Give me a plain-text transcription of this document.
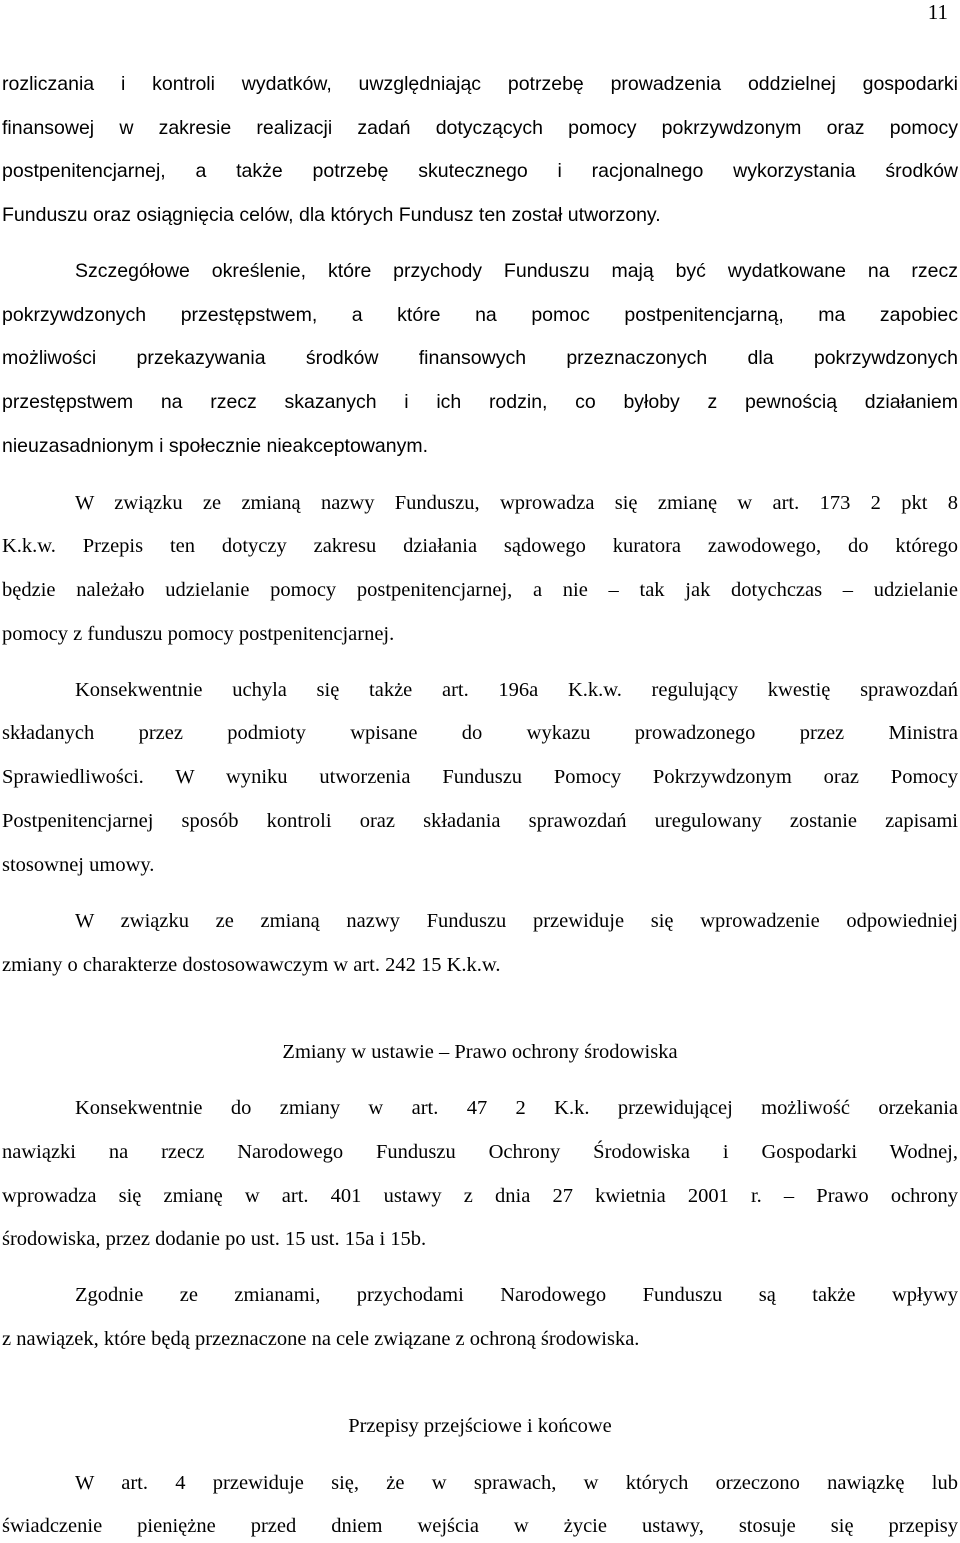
11
rozliczania i kontroli wydatków, uwzględniając potrzebę prowadzenia oddzielnej gospodarki
finansowej w zakresie realizacji zadań dotyczących pomocy pokrzywdzonym oraz pomocy
postpenitencjarnej, a także potrzebę skutecznego i racjonalnego wykorzystania środków
Funduszu oraz osiągnięcia celów, dla których Fundusz ten został utworzony.
Szczegółowe określenie, które przychody Funduszu mają być wydatkowane na rzecz
pokrzywdzonych przestępstwem, a które na pomoc postpenitencjarną, ma zapobiec
możliwości przekazywania środków finansowych przeznaczonych dla pokrzywdzonych
przestępstwem na rzecz skazanych i ich rodzin, co byłoby z pewnością działaniem
nieuzasadnionym i społecznie nieakceptowanym.
W związku ze zmianą nazwy Funduszu, wprowadza się zmianę w art. 173 2 pkt 8
K.k.w. Przepis ten dotyczy zakresu działania sądowego kuratora zawodowego, do którego
będzie należało udzielanie pomocy postpenitencjarnej, a nie – tak jak dotychczas – udzielanie
pomocy z funduszu pomocy postpenitencjarnej.
Konsekwentnie uchyla się także art. 196a K.k.w. regulujący kwestię sprawozdań
składanych przez podmioty wpisane do wykazu prowadzonego przez Ministra
Sprawiedliwości. W wyniku utworzenia Funduszu Pomocy Pokrzywdzonym oraz Pomocy
Postpenitencjarnej sposób kontroli oraz składania sprawozdań uregulowany zostanie zapisami
stosownej umowy.
W związku ze zmianą nazwy Funduszu przewiduje się wprowadzenie odpowiedniej
zmiany o charakterze dostosowawczym w art. 242 15 K.k.w.
Zmiany w ustawie – Prawo ochrony środowiska
Konsekwentnie do zmiany w art. 47 2 K.k. przewidującej możliwość orzekania
nawiązki na rzecz Narodowego Funduszu Ochrony Środowiska i Gospodarki Wodnej,
wprowadza się zmianę w art. 401 ustawy z dnia 27 kwietnia 2001 r. – Prawo ochrony
środowiska, przez dodanie po ust. 15 ust. 15a i 15b.
Zgodnie ze zmianami, przychodami Narodowego Funduszu są także wpływy
z nawiązek, które będą przeznaczone na cele związane z ochroną środowiska.
Przepisy przejściowe i końcowe
W art. 4 przewiduje się, że w sprawach, w których orzeczono nawiązkę lub
świadczenie pieniężne przed dniem wejścia w życie ustawy, stosuje się przepisy
